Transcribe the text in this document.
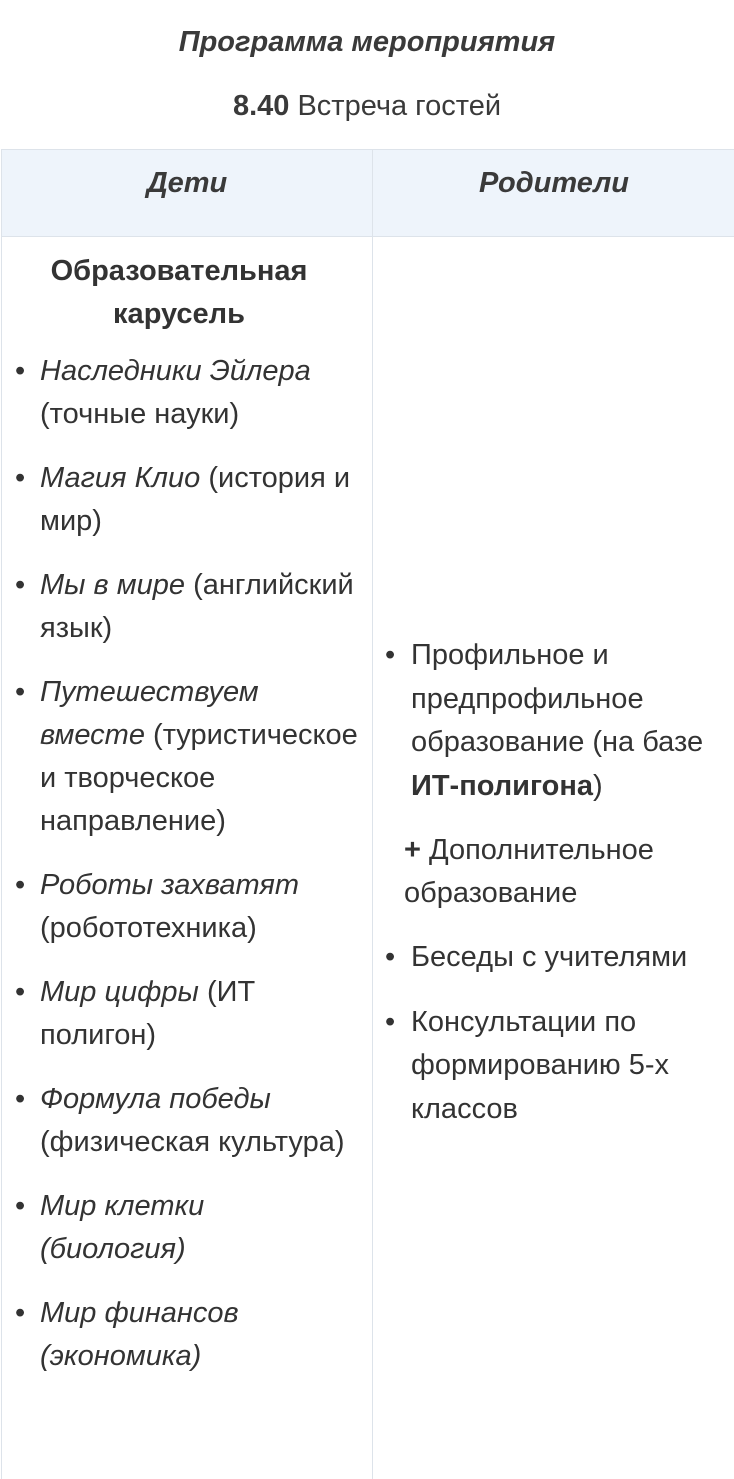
Программа мероприятия
8.40 Встреча гостей
Дети	Родители
Образовательная карусель
• Наследники Эйлера (точные науки)
• Магия Клио (история и мир)
• Мы в мире (английский язык)
• Путешествуем вместе (туристическое и творческое направление)
• Роботы захватят (робототехника)
• Мир цифры (ИТ полигон)
• Формула победы (физическая культура)
• Мир клетки (биология)
• Мир финансов (экономика)
• Профильное и предпрофильное образование (на базе ИТ-полигона)
+ Дополнительное образование
• Беседы с учителями
• Консультации по формированию 5-х классов
